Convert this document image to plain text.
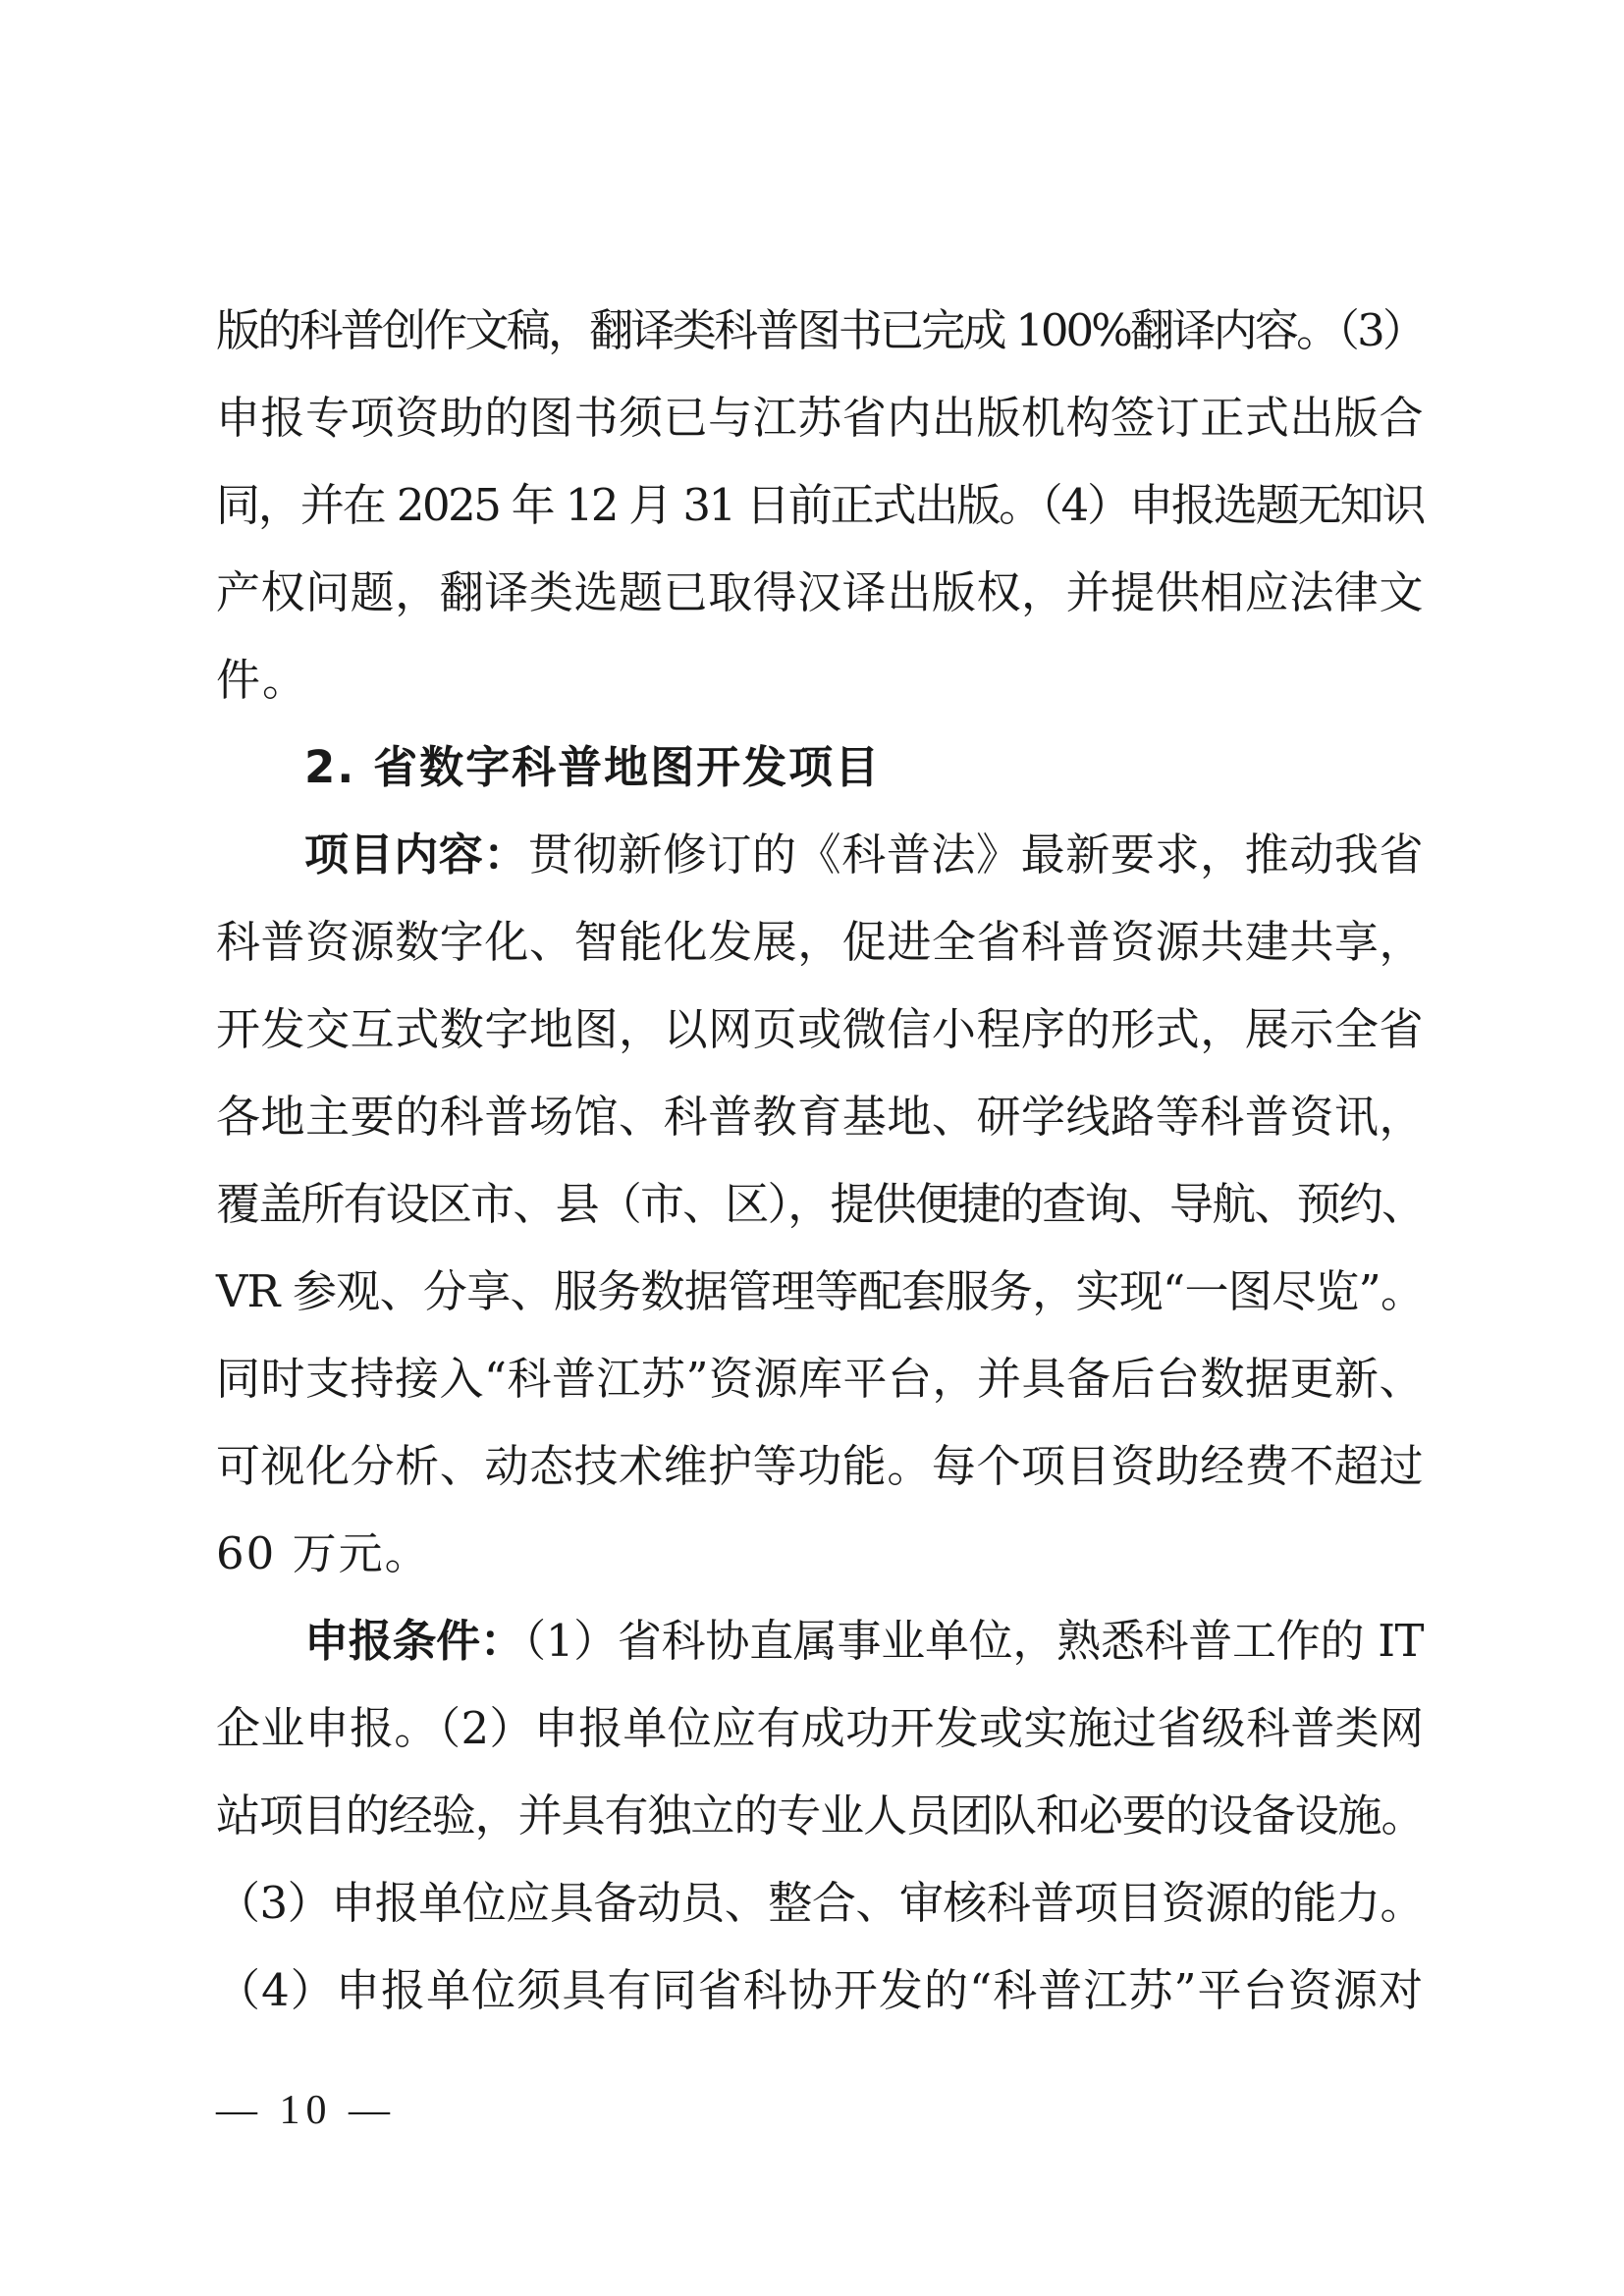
版的科普创作文稿，翻译类科普图书已完成 100%翻译内容。（3）
申报专项资助的图书须已与江苏省内出版机构签订正式出版合
同，并在 2025 年 12 月 31 日前正式出版。（4）申报选题无知识
产权问题，翻译类选题已取得汉译出版权，并提供相应法律文
件。
2. 省数字科普地图开发项目
项目内容：贯彻新修订的《科普法》最新要求，推动我省
科普资源数字化、智能化发展，促进全省科普资源共建共享，
开发交互式数字地图，以网页或微信小程序的形式，展示全省
各地主要的科普场馆、科普教育基地、研学线路等科普资讯，
覆盖所有设区市、县（市、区），提供便捷的查询、导航、预约、
VR 参观、分享、服务数据管理等配套服务，实现“一图尽览”。
同时支持接入“科普江苏”资源库平台，并具备后台数据更新、
可视化分析、动态技术维护等功能。每个项目资助经费不超过
60 万元。
申报条件：（1）省科协直属事业单位，熟悉科普工作的 IT
企业申报。（2）申报单位应有成功开发或实施过省级科普类网
站项目的经验，并具有独立的专业人员团队和必要的设备设施。
（3）申报单位应具备动员、整合、审核科普项目资源的能力。
（4）申报单位须具有同省科协开发的“科普江苏”平台资源对
— 10 —
